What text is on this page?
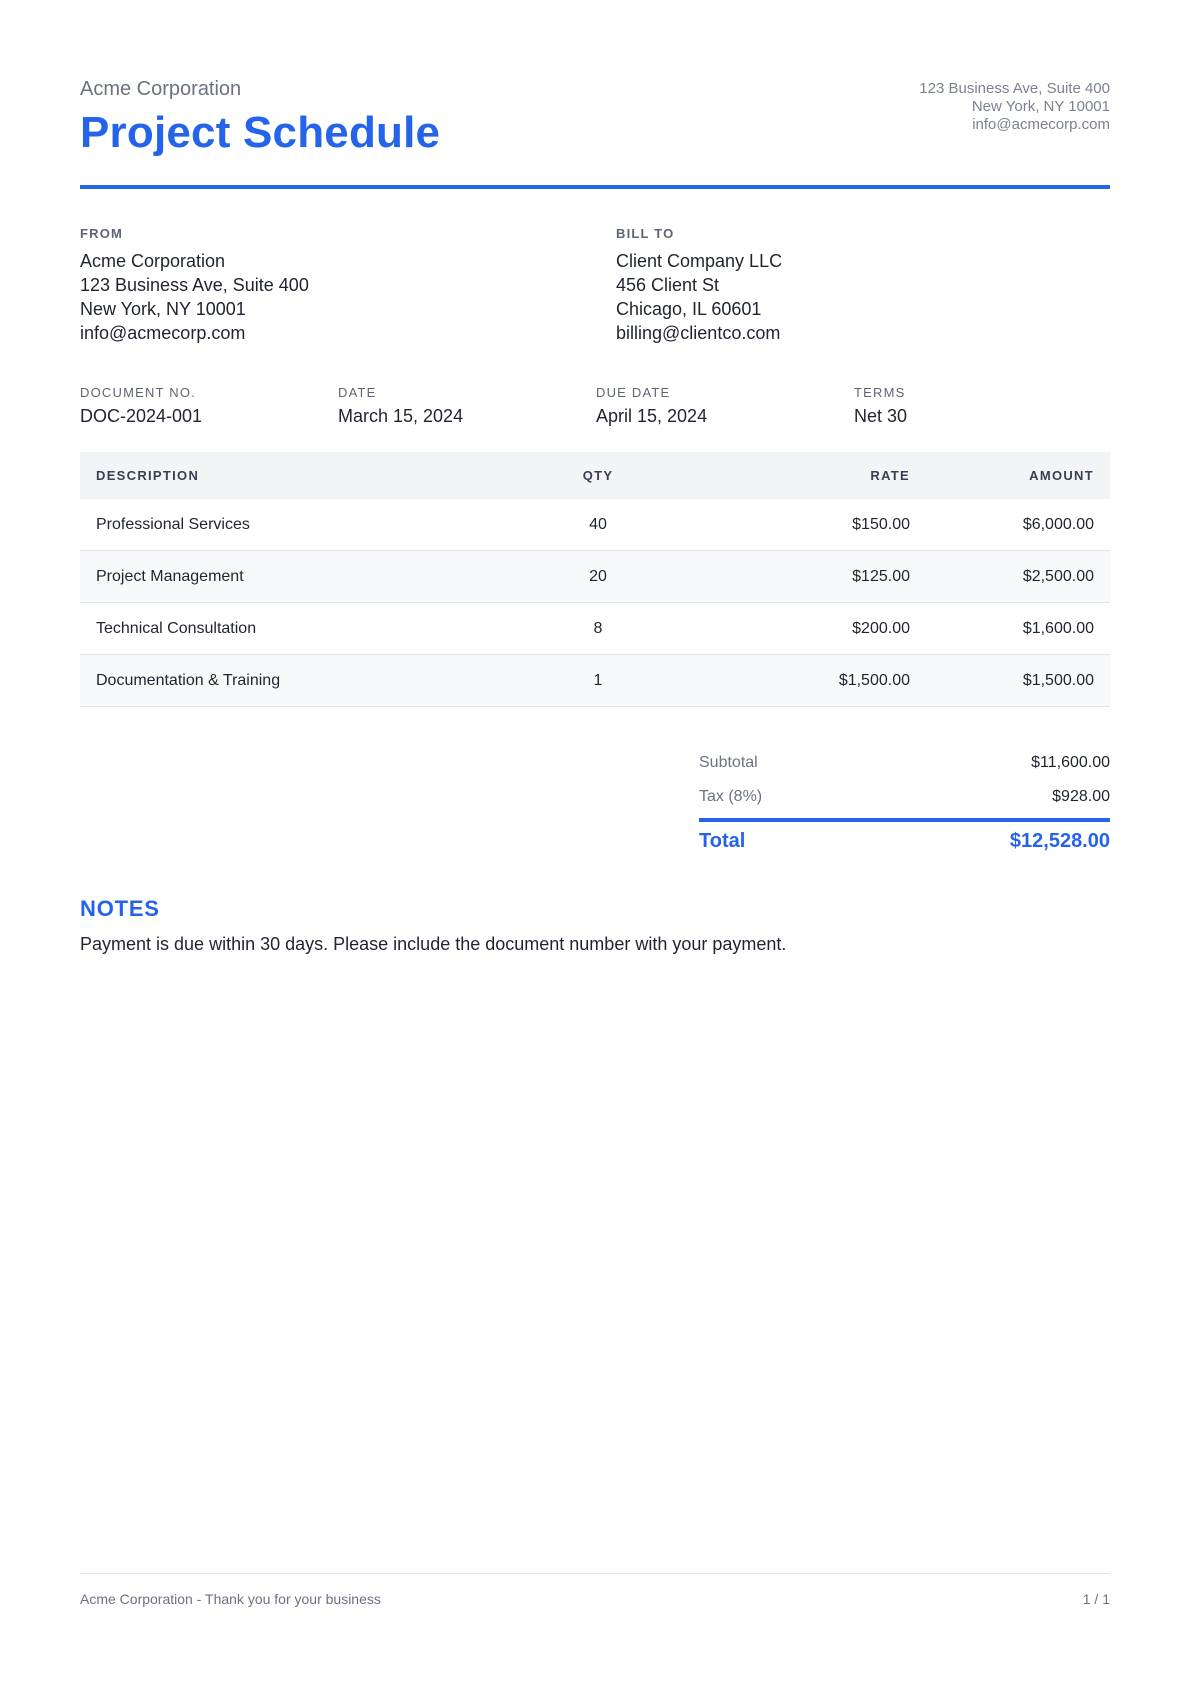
Acme Corporation
Project Schedule
123 Business Ave, Suite 400
New York, NY 10001
info@acmecorp.com
FROM
Acme Corporation
123 Business Ave, Suite 400
New York, NY 10001
info@acmecorp.com
BILL TO
Client Company LLC
456 Client St
Chicago, IL 60601
billing@clientco.com
DOCUMENT NO.
DOC-2024-001
DATE
March 15, 2024
DUE DATE
April 15, 2024
TERMS
Net 30
DESCRIPTION	QTY	RATE	AMOUNT
Professional Services	40	$150.00	$6,000.00
Project Management	20	$125.00	$2,500.00
Technical Consultation	8	$200.00	$1,600.00
Documentation & Training	1	$1,500.00	$1,500.00
Subtotal	$11,600.00
Tax (8%)	$928.00
Total	$12,528.00
NOTES
Payment is due within 30 days. Please include the document number with your payment.
Acme Corporation - Thank you for your business	1 / 1
